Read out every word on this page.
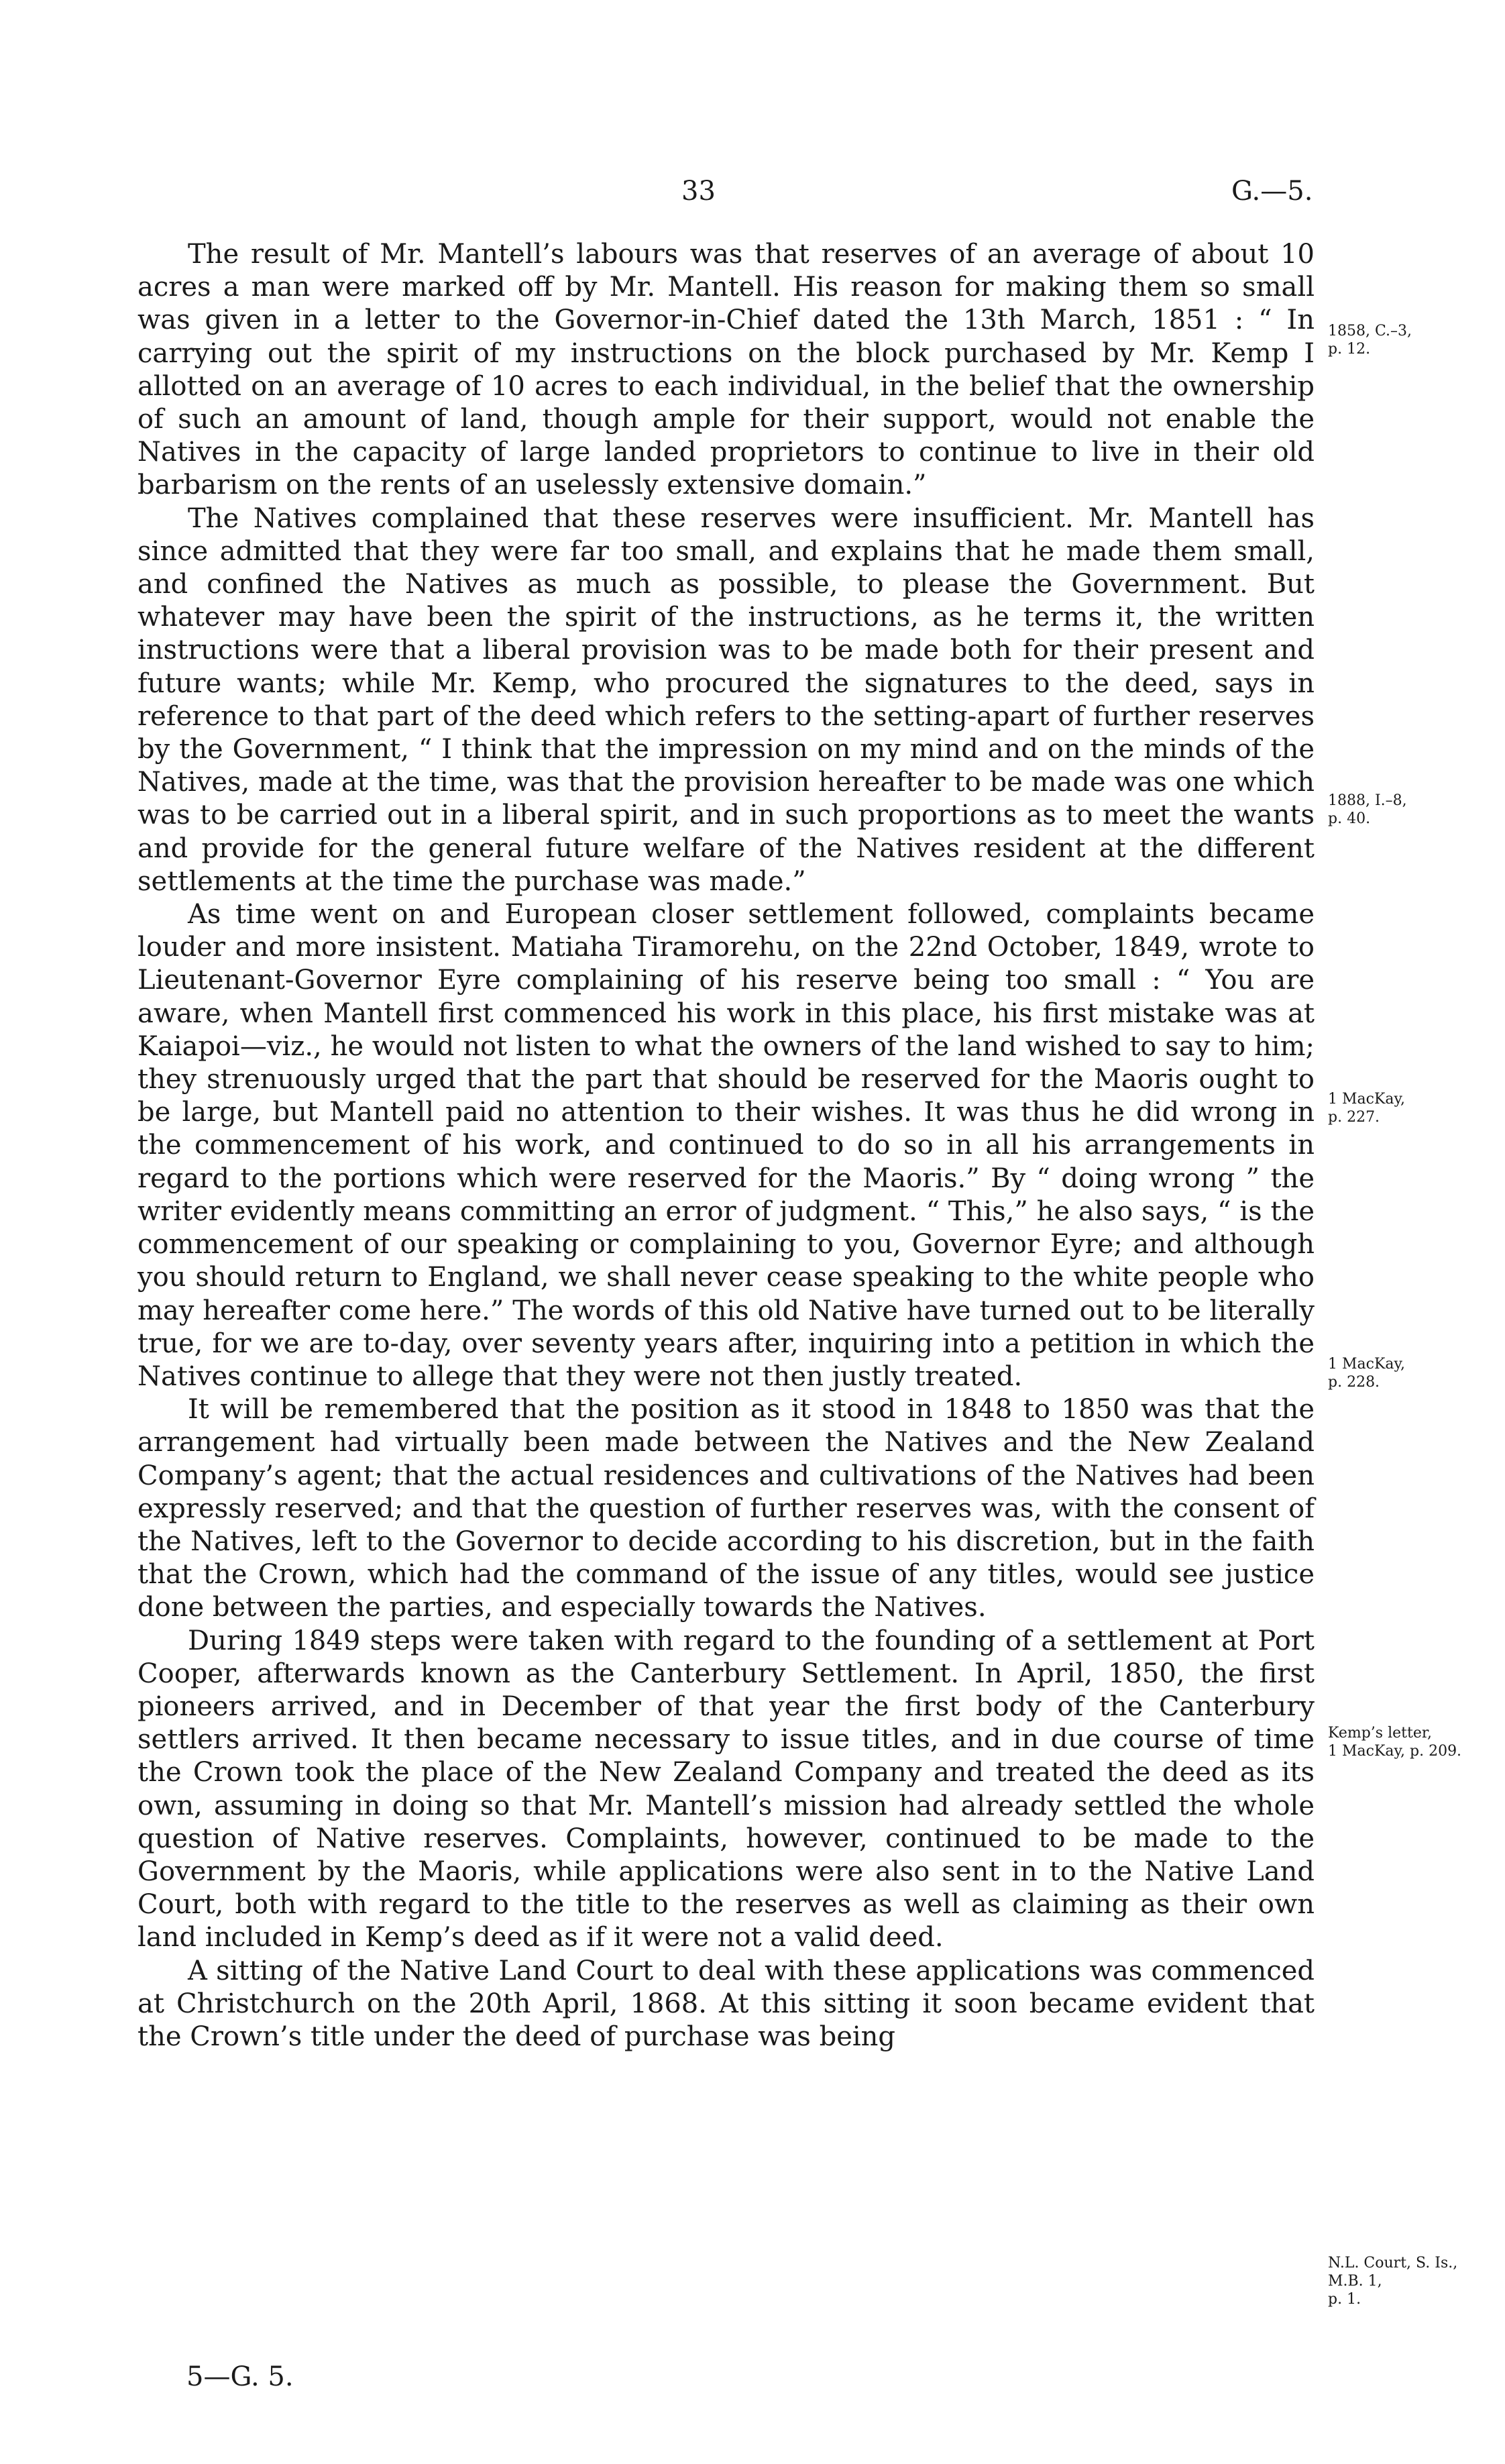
33	G.—5.

The result of Mr. Mantell’s labours was that reserves of an average of about 10 acres a man were marked off by Mr. Mantell. His reason for making them so small was given in a letter to the Governor-in-Chief dated the 13th March, 1851 : “ In carrying out the spirit of my instructions on the block purchased by Mr. Kemp I allotted on an average of 10 acres to each individual, in the belief that the ownership of such an amount of land, though ample for their support, would not enable the Natives in the capacity of large landed proprietors to continue to live in their old barbarism on the rents of an uselessly extensive domain.”

The Natives complained that these reserves were insufficient. Mr. Mantell has since admitted that they were far too small, and explains that he made them small, and confined the Natives as much as possible, to please the Government. But whatever may have been the spirit of the instructions, as he terms it, the written instructions were that a liberal provision was to be made both for their present and future wants; while Mr. Kemp, who procured the signatures to the deed, says in reference to that part of the deed which refers to the setting-apart of further reserves by the Government, “ I think that the impression on my mind and on the minds of the Natives, made at the time, was that the provision hereafter to be made was one which was to be carried out in a liberal spirit, and in such proportions as to meet the wants and provide for the general future welfare of the Natives resident at the different settlements at the time the purchase was made.”

As time went on and European closer settlement followed, complaints became louder and more insistent. Matiaha Tiramorehu, on the 22nd October, 1849, wrote to Lieutenant-Governor Eyre complaining of his reserve being too small : “ You are aware, when Mantell first commenced his work in this place, his first mistake was at Kaiapoi—viz., he would not listen to what the owners of the land wished to say to him; they strenuously urged that the part that should be reserved for the Maoris ought to be large, but Mantell paid no attention to their wishes. It was thus he did wrong in the commencement of his work, and continued to do so in all his arrangements in regard to the portions which were reserved for the Maoris.” By “ doing wrong ” the writer evidently means committing an error of judgment. “ This,” he also says, “ is the commencement of our speaking or complaining to you, Governor Eyre; and although you should return to England, we shall never cease speaking to the white people who may hereafter come here.” The words of this old Native have turned out to be literally true, for we are to-day, over seventy years after, inquiring into a petition in which the Natives continue to allege that they were not then justly treated.

It will be remembered that the position as it stood in 1848 to 1850 was that the arrangement had virtually been made between the Natives and the New Zealand Company’s agent; that the actual residences and cultivations of the Natives had been expressly reserved; and that the question of further reserves was, with the consent of the Natives, left to the Governor to decide according to his discretion, but in the faith that the Crown, which had the command of the issue of any titles, would see justice done between the parties, and especially towards the Natives.

During 1849 steps were taken with regard to the founding of a settlement at Port Cooper, afterwards known as the Canterbury Settlement. In April, 1850, the first pioneers arrived, and in December of that year the first body of the Canterbury settlers arrived. It then became necessary to issue titles, and in due course of time the Crown took the place of the New Zealand Company and treated the deed as its own, assuming in doing so that Mr. Mantell’s mission had already settled the whole question of Native reserves. Complaints, however, continued to be made to the Government by the Maoris, while applications were also sent in to the Native Land Court, both with regard to the title to the reserves as well as claiming as their own land included in Kemp’s deed as if it were not a valid deed.

A sitting of the Native Land Court to deal with these applications was commenced at Christchurch on the 20th April, 1868. At this sitting it soon became evident that the Crown’s title under the deed of purchase was being

1858, C.–3,
p. 12.
1888, I.–8,
p. 40.
1 MacKay,
p. 227.
1 MacKay,
p. 228.
Kemp’s letter,
1 MacKay, p. 209.
N.L. Court, S. Is., M.B. 1,
p. 1.
5—G. 5.
